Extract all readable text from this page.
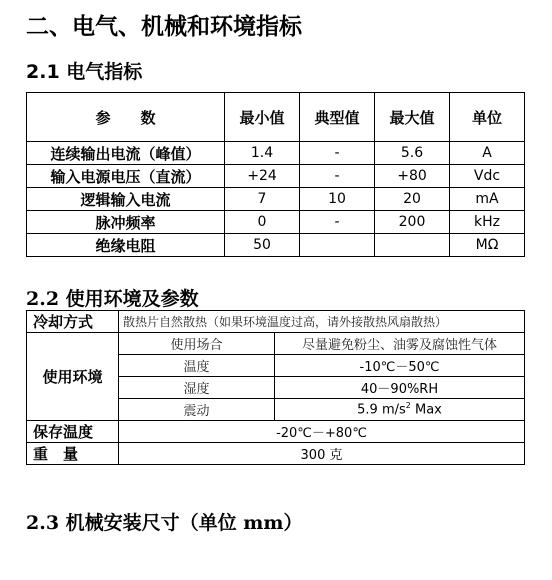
二、电气、机械和环境指标
2.1 电气指标
参　　数	最小值	典型值	最大值	单位
连续输出电流（峰值）	1.4	-	5.6	A
输入电源电压（直流）	+24	-	+80	Vdc
逻辑输入电流	7	10	20	mA
脉冲频率	0	-	200	kHz
绝缘电阻	50			MΩ
2.2 使用环境及参数
冷却方式	散热片自然散热（如果环境温度过高，请外接散热风扇散热）	
使用环境	使用场合	尽量避免粉尘、油雾及腐蚀性气体
	温度	-10℃－50℃
	湿度	40－90%RH
	震动	5.9 $m/s^2$ Max
保存温度	-20℃－+80℃	
重　量	300 克	
2.3 机械安装尺寸（单位 mm）
